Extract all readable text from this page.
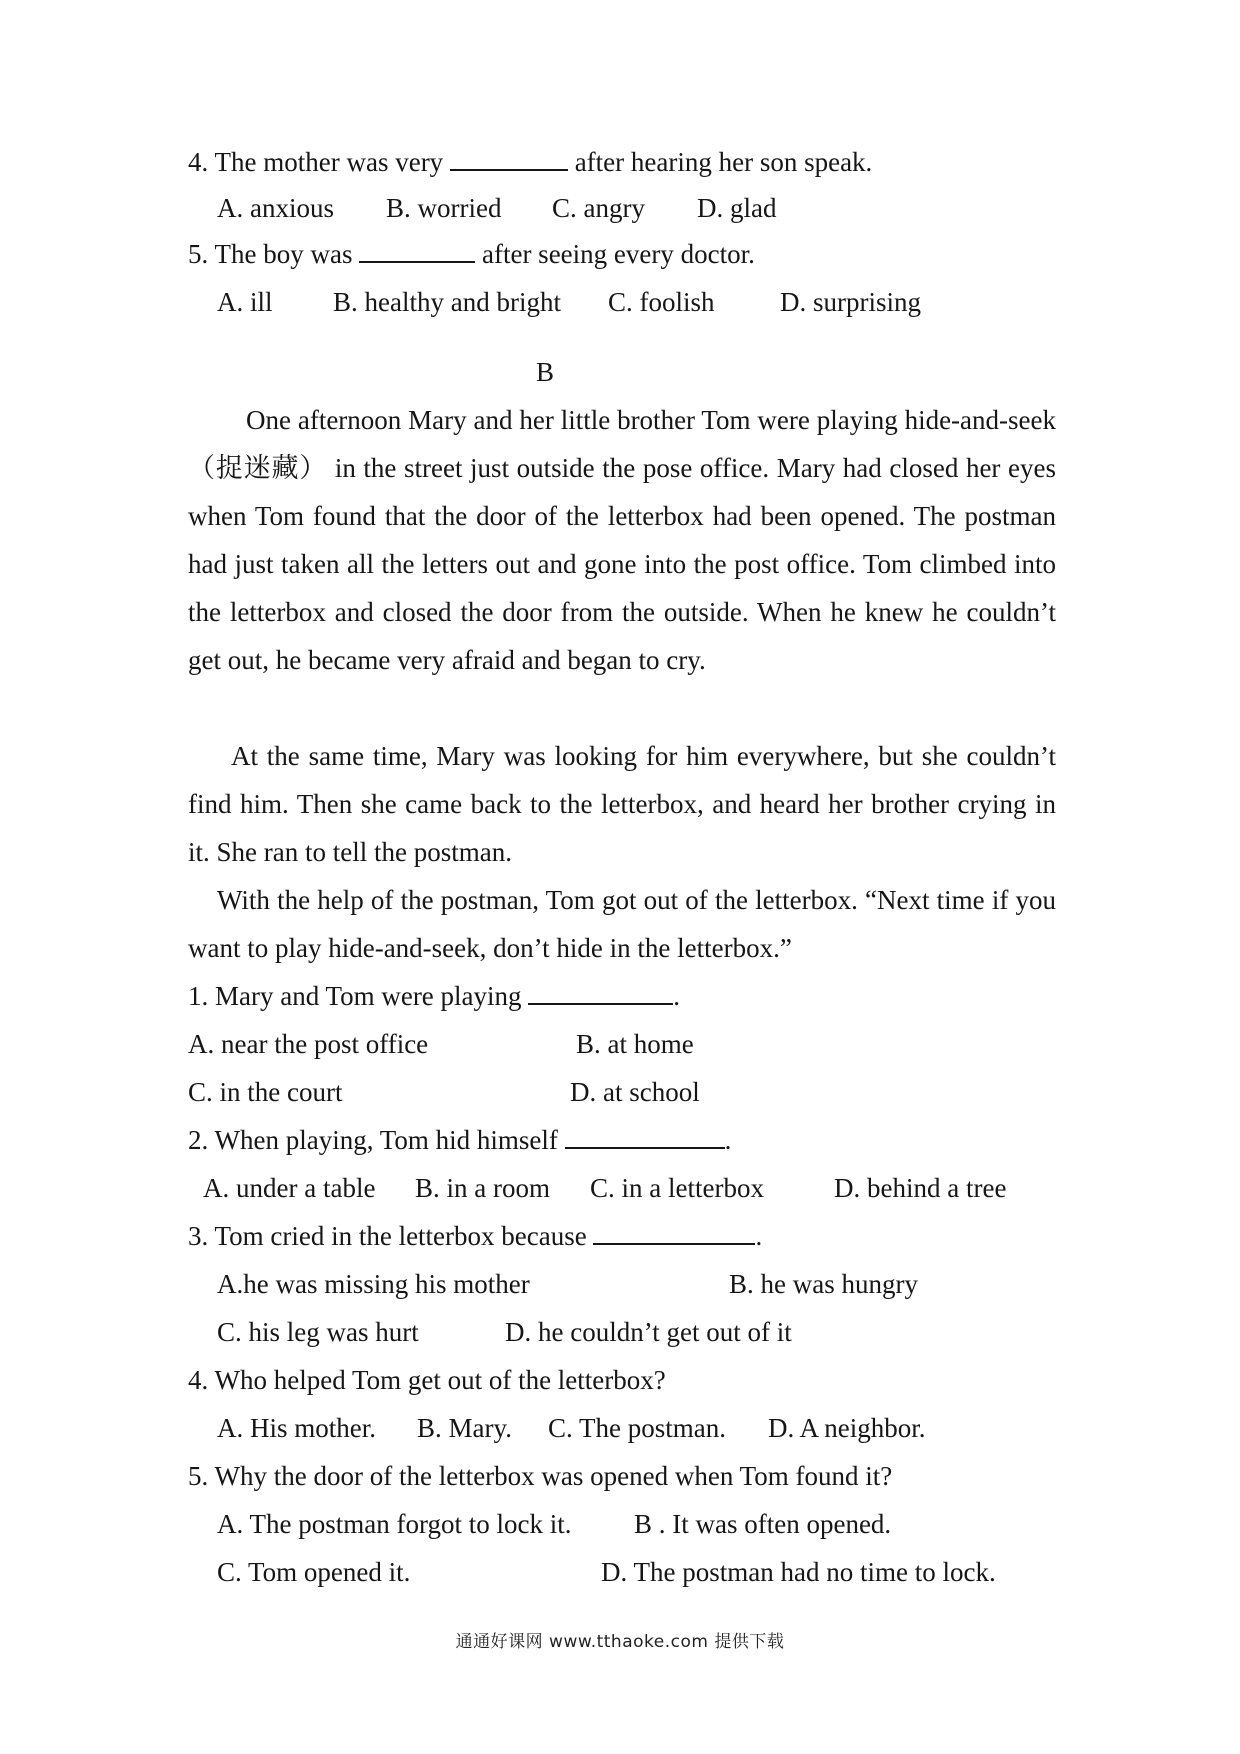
4. The mother was very	after hearing her son speak.
A. anxious B. worried C. angry D. glad
5. The boy was	after seeing every doctor.
A. ill B. healthy and bright C. foolish D. surprising
B
One afternoon Mary and her little brother Tom were playing hide-and-seek（捉迷藏） in the street just outside the pose office. Mary had closed her eyes when Tom found that the door of the letterbox had been opened. The postman had just taken all the letters out and gone into the post office. Tom climbed into the letterbox and closed the door from the outside. When he knew he couldn’t get out, he became very afraid and began to cry.
At the same time, Mary was looking for him everywhere, but she couldn’t find him. Then she came back to the letterbox, and heard her brother crying in it. She ran to tell the postman.
With the help of the postman, Tom got out of the letterbox. “Next time if you want to play hide-and-seek, don’t hide in the letterbox.”
1. Mary and Tom were playing	.
A. near the post office	B. at home
C. in the court	D. at school
2. When playing, Tom hid himself	.
A. under a table B. in a room C. in a letterbox	D. behind a tree
3. Tom cried in the letterbox because	.
A.he was missing his mother	B. he was hungry
C. his leg was hurt	D. he couldn’t get out of it
4. Who helped Tom get out of the letterbox?
A. His mother. B. Mary. C. The postman. D. A neighbor.
5. Why the door of the letterbox was opened when Tom found it?
A. The postman forgot to lock it. B . It was often opened.
C. Tom opened it.	D. The postman had no time to lock.
通通好课网 www.tthaoke.com 提供下载
